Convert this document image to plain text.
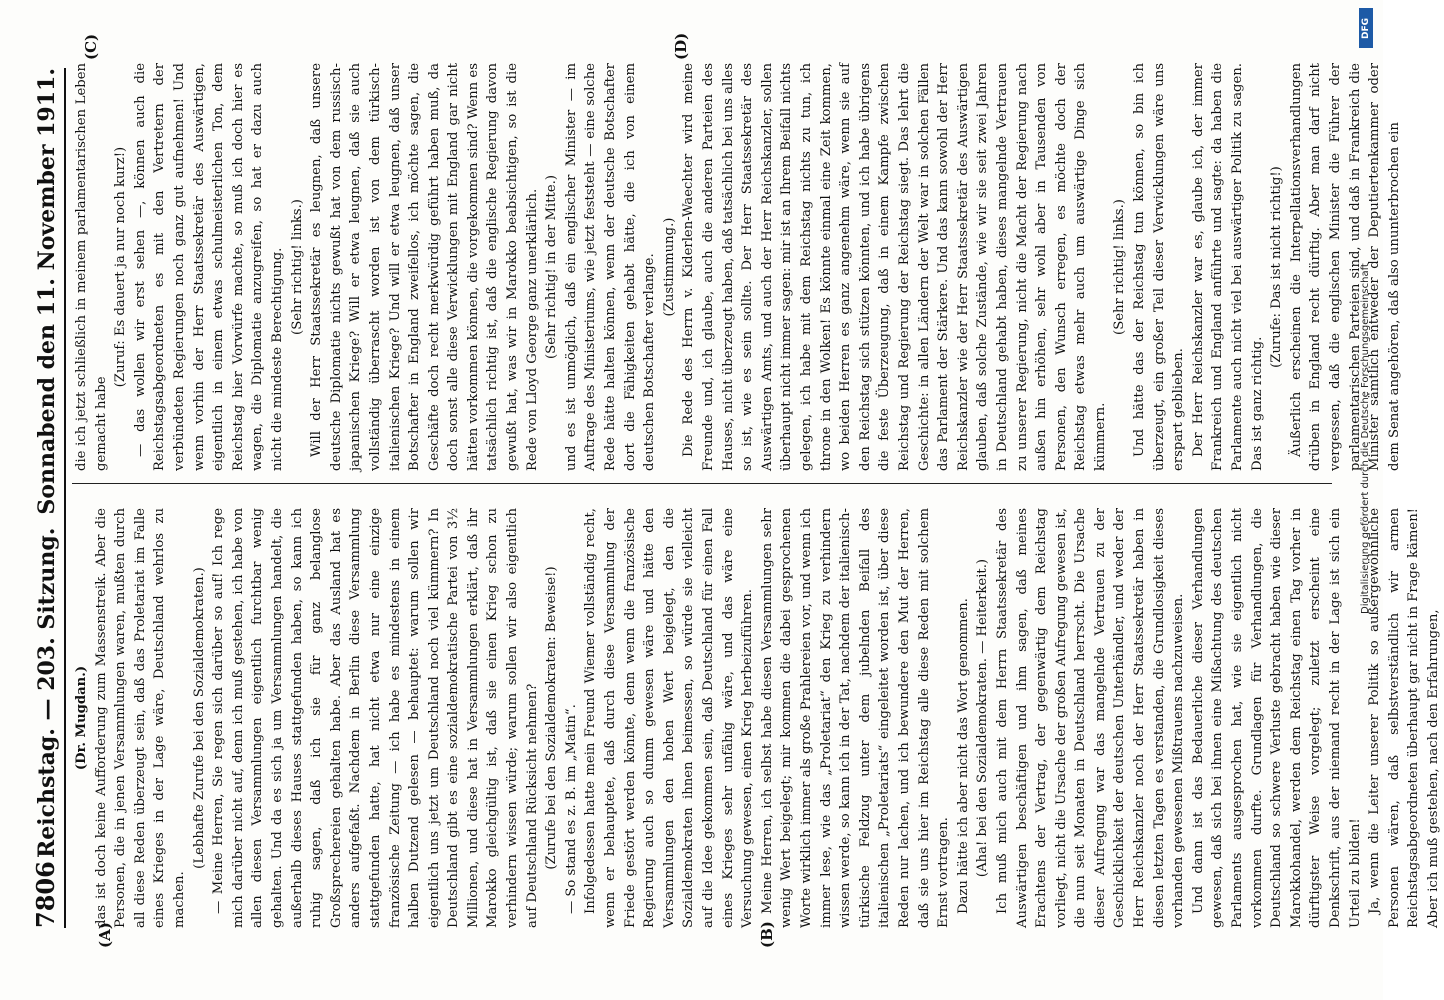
7806
Reichstag. — 203. Sitzung.
Sonnabend den 11. November 1911.
(A)	(B)
(C)	(D)

(Dr. Mugdan.) das ist doch keine Aufforderung zum Massenstreik. Aber die Personen, die in jenen Versammlungen waren, mußten durch all diese Reden überzeugt sein, daß das Proletariat im Falle eines Krieges in der Lage wäre, Deutschland wehrlos zu machen.

(Lebhafte Zurufe bei den Sozialdemokraten.) — Meine Herren, Sie regen sich darüber so auf! Ich rege mich darüber nicht auf, denn ich muß gestehen, ich habe von allen diesen Versammlungen eigentlich furchtbar wenig gehalten. Und da es sich ja um Versammlungen handelt, die außerhalb dieses Hauses stattgefunden haben, so kann ich ruhig sagen, daß ich sie für ganz belanglose Großsprechereien gehalten habe. Aber das Ausland hat es anders aufgefaßt. Nachdem in Berlin diese Versammlung stattgefunden hatte, hat nicht etwa nur eine einzige französische Zeitung — ich habe es mindestens in einem halben Dutzend gelesen — behauptet: warum sollen wir eigentlich uns jetzt um Deutschland noch viel kümmern? In Deutschland gibt es eine sozialdemokratische Partei von 3½ Millionen, und diese hat in Versammlungen erklärt, daß ihr Marokko gleichgültig ist, daß sie einen Krieg schon zu verhindern wissen würde; warum sollen wir also eigentlich auf Deutschland Rücksicht nehmen? (Zurufe bei den Sozialdemokraten: Beweise!) — So stand es z. B. im „Matin“. Infolgedessen hatte mein Freund Wiemer vollständig recht, wenn er behauptete, daß durch diese Versammlung der Friede gestört werden könnte, denn wenn die französische Regierung auch so dumm gewesen wäre und hätte den Versammlungen den hohen Wert beigelegt, den die Sozialdemokraten ihnen beimessen, so würde sie vielleicht auf die Idee gekommen sein, daß Deutschland für einen Fall eines Krieges sehr unfähig wäre, und das wäre eine Versuchung gewesen, einen Krieg herbeizuführen. Meine Herren, ich selbst habe diesen Versammlungen sehr wenig Wert beigelegt; mir kommen die dabei gesprochenen Worte wirklich immer als große Prahlereien vor, und wenn ich immer lese, wie das „Proletariat“ den Krieg zu verhindern wissen werde, so kann ich in der Tat, nachdem der italienisch-türkische Feldzug unter dem jubelnden Beifall des italienischen „Proletariats“ eingeleitet worden ist, über diese Reden nur lachen, und ich bewundere den Mut der Herren, daß sie uns hier im Reichstag alle diese Reden mit solchem Ernst vortragen. Dazu hätte ich aber nicht das Wort genommen. (Aha! bei den Sozialdemokraten. — Heiterkeit.) Ich muß mich auch mit dem Herrn Staatssekretär des Auswärtigen beschäftigen und ihm sagen, daß meines Erachtens der Vertrag, der gegenwärtig dem Reichstag vorliegt, nicht die Ursache der großen Aufregung gewesen ist, die nun seit Monaten in Deutschland herrscht. Die Ursache dieser Aufregung war das mangelnde Vertrauen zu der Geschicklichkeit der deutschen Unterhändler, und weder der Herr Reichskanzler noch der Herr Staatssekretär haben in diesen letzten Tagen es verstanden, die Grundlosigkeit dieses vorhanden gewesenen Mißtrauens nachzuweisen. Und dann ist das Bedauerliche dieser Verhandlungen gewesen, daß sich bei ihnen eine Mißachtung des deutschen Parlaments ausgesprochen hat, wie sie eigentlich nicht vorkommen durfte. Grundlagen für Verhandlungen, die Deutschland so schwere Verluste gebracht haben wie dieser Marokkohandel, werden dem Reichstag einen Tag vorher in dürftigster Weise vorgelegt; zuletzt erscheint eine Denkschrift, aus der niemand recht in der Lage ist sich ein Urteil zu bilden! Ja, wenn die Leiter unserer Politik so außergewöhnliche Personen wären, daß selbstverständlich wir armen Reichstagsabgeordneten überhaupt gar nicht in Frage kämen! Aber ich muß gestehen, nach den Erfahrungen,

die ich jetzt schließlich in meinem parlamentarischen Leben gemacht habe

(Zuruf: Es dauert ja nur noch kurz!) — das wollen wir erst sehen —, können auch die Reichstagsabgeordneten es mit den Vertretern der verbündeten Regierungen noch ganz gut aufnehmen! Und wenn vorhin der Herr Staatssekretär des Auswärtigen, eigentlich in einem etwas schulmeisterlichen Ton, dem Reichstag hier Vorwürfe machte, so muß ich doch hier es wagen, die Diplomatie anzugreifen, so hat er dazu auch nicht die mindeste Berechtigung. (Sehr richtig! links.) Will der Herr Staatssekretär es leugnen, daß unsere deutsche Diplomatie nichts gewußt hat von dem russisch-japanischen Kriege? Will er etwa leugnen, daß sie auch vollständig überrascht worden ist von dem türkisch-italienischen Kriege? Und will er etwa leugnen, daß unser Botschafter in England zweifellos, ich möchte sagen, die Geschäfte doch recht merkwürdig geführt haben muß, da doch sonst alle diese Verwicklungen mit England gar nicht hätten vorkommen können, die vorgekommen sind? Wenn es tatsächlich richtig ist, daß die englische Regierung davon gewußt hat, was wir in Marokko beabsichtigen, so ist die Rede von Lloyd George ganz unerklärlich. (Sehr richtig! in der Mitte.) und es ist unmöglich, daß ein englischer Minister — im Auftrage des Ministeriums, wie jetzt feststeht — eine solche Rede hätte halten können, wenn der deutsche Botschafter dort die Fähigkeiten gehabt hätte, die ich von einem deutschen Botschafter verlange. (Zustimmung.) Die Rede des Herrn v. Kiderlen-Waechter wird meine Freunde und, ich glaube, auch die anderen Parteien des Hauses, nicht überzeugt haben, daß tatsächlich bei uns alles so ist, wie es sein sollte. Der Herr Staatssekretär des Auswärtigen Amts, und auch der Herr Reichskanzler, sollen überhaupt nicht immer sagen: mir ist an Ihrem Beifall nichts gelegen, ich habe mit dem Reichstag nichts zu tun, ich throne in den Wolken! Es könnte einmal eine Zeit kommen, wo beiden Herren es ganz angenehm wäre, wenn sie auf den Reichstag sich stützen könnten, und ich habe übrigens die feste Überzeugung, daß in einem Kampfe zwischen Reichstag und Regierung der Reichstag siegt. Das lehrt die Geschichte: in allen Ländern der Welt war in solchen Fällen das Parlament der Stärkere. Und das kann sowohl der Herr Reichskanzler wie der Herr Staatssekretär des Auswärtigen glauben, daß solche Zustände, wie wir sie seit zwei Jahren in Deutschland gehabt haben, dieses mangelnde Vertrauen zu unserer Regierung, nicht die Macht der Regierung nach außen hin erhöhen, sehr wohl aber in Tausenden von Personen, den Wunsch erregen, es möchte doch der Reichstag etwas mehr auch um auswärtige Dinge sich kümmern.

(Sehr richtig! links.) Und hätte das der Reichstag tun können, so bin ich überzeugt, ein großer Teil dieser Verwicklungen wäre uns erspart geblieben. Der Herr Reichskanzler war es, glaube ich, der immer Frankreich und England anführte und sagte: da haben die Parlamente auch nicht viel bei auswärtiger Politik zu sagen. Das ist ganz richtig.

(Zurufe: Das ist nicht richtig!) Äußerlich erscheinen die Interpellationsverhandlungen drüben in England recht dürftig. Aber man darf nicht vergessen, daß die englischen Minister die Führer der parlamentarischen Parteien sind, und daß in Frankreich die Minister sämtlich entweder der Deputiertenkammer oder dem Senat angehören, daß also ununterbrochen ein

DFG
Digitalisierung gefördert durch die Deutsche Forschungsgemeinschaft
